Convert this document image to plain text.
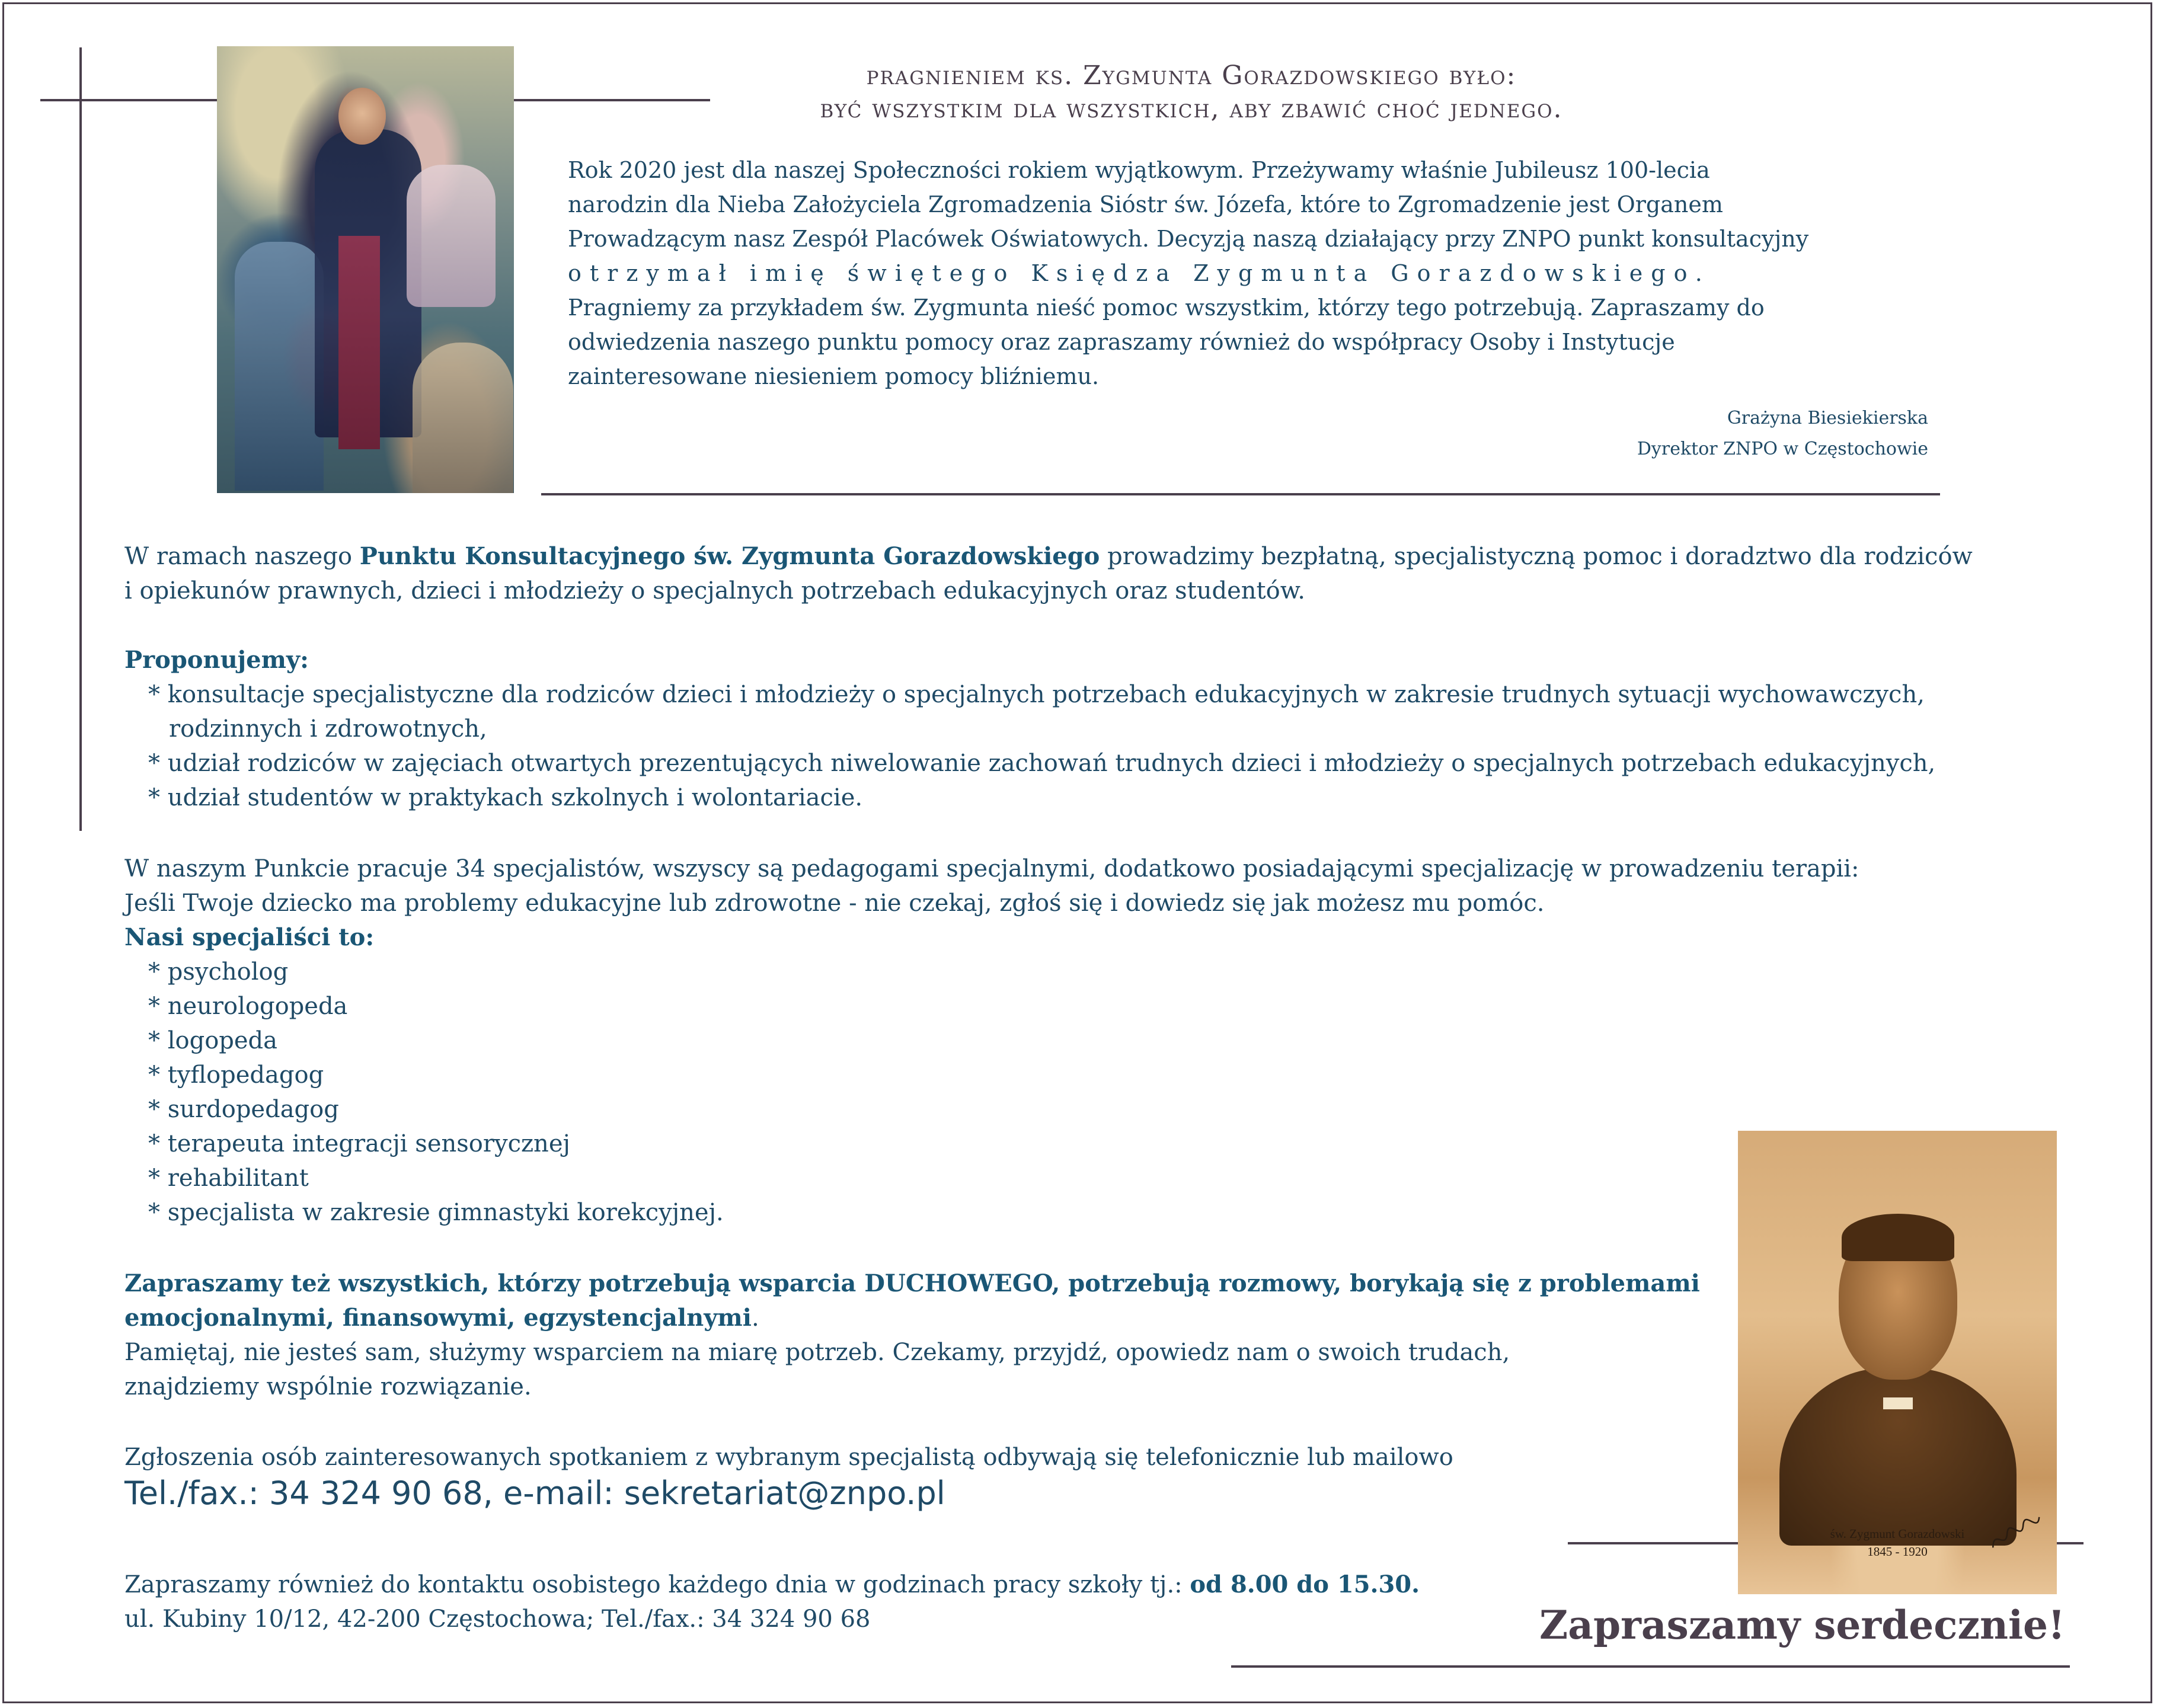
pragnieniem ks. Zygmunta Gorazdowskiego było:
być wszystkim dla wszystkich, aby zbawić choć jednego.
Rok 2020 jest dla naszej Społeczności rokiem wyjątkowym. Przeżywamy właśnie Jubileusz 100-lecia
narodzin dla Nieba Założyciela Zgromadzenia Sióstr św. Józefa, które to Zgromadzenie jest Organem
Prowadzącym nasz Zespół Placówek Oświatowych. Decyzją naszą działający przy ZNPO punkt konsultacyjny
otrzymał imię świętego Księdza Zygmunta Gorazdowskiego.
Pragniemy za przykładem św. Zygmunta nieść pomoc wszystkim, którzy tego potrzebują. Zapraszamy do
odwiedzenia naszego punktu pomocy oraz zapraszamy również do współpracy Osoby i Instytucje
zainteresowane niesieniem pomocy bliźniemu.
Grażyna Biesiekierska
Dyrektor ZNPO w Częstochowie
W ramach naszego Punktu Konsultacyjnego św. Zygmunta Gorazdowskiego prowadzimy bezpłatną, specjalistyczną pomoc i doradztwo dla rodziców
i opiekunów prawnych, dzieci i młodzieży o specjalnych potrzebach edukacyjnych oraz studentów.
Proponujemy:
* konsultacje specjalistyczne dla rodziców dzieci i młodzieży o specjalnych potrzebach edukacyjnych w zakresie trudnych sytuacji wychowawczych,
rodzinnych i zdrowotnych,
* udział rodziców w zajęciach otwartych prezentujących niwelowanie zachowań trudnych dzieci i młodzieży o specjalnych potrzebach edukacyjnych,
* udział studentów w praktykach szkolnych i wolontariacie.
W naszym Punkcie pracuje 34 specjalistów, wszyscy są pedagogami specjalnymi, dodatkowo posiadającymi specjalizację w prowadzeniu terapii:
Jeśli Twoje dziecko ma problemy edukacyjne lub zdrowotne - nie czekaj, zgłoś się i dowiedz się jak możesz mu pomóc.
Nasi specjaliści to:
* psycholog
* neurologopeda
* logopeda
* tyflopedagog
* surdopedagog
* terapeuta integracji sensorycznej
* rehabilitant
* specjalista w zakresie gimnastyki korekcyjnej.
Zapraszamy też wszystkich, którzy potrzebują wsparcia DUCHOWEGO, potrzebują rozmowy, borykają się z problemami
emocjonalnymi, finansowymi, egzystencjalnymi.
Pamiętaj, nie jesteś sam, służymy wsparciem na miarę potrzeb. Czekamy, przyjdź, opowiedz nam o swoich trudach,
znajdziemy wspólnie rozwiązanie.
Zgłoszenia osób zainteresowanych spotkaniem z wybranym specjalistą odbywają się telefonicznie lub mailowo
Tel./fax.: 34 324 90 68, e-mail: sekretariat@znpo.pl
Zapraszamy również do kontaktu osobistego każdego dnia w godzinach pracy szkoły tj.: od 8.00 do 15.30.
ul. Kubiny 10/12, 42-200 Częstochowa; Tel./fax.: 34 324 90 68
św. Zygmunt Gorazdowski
1845 - 1920
Zapraszamy serdecznie!
